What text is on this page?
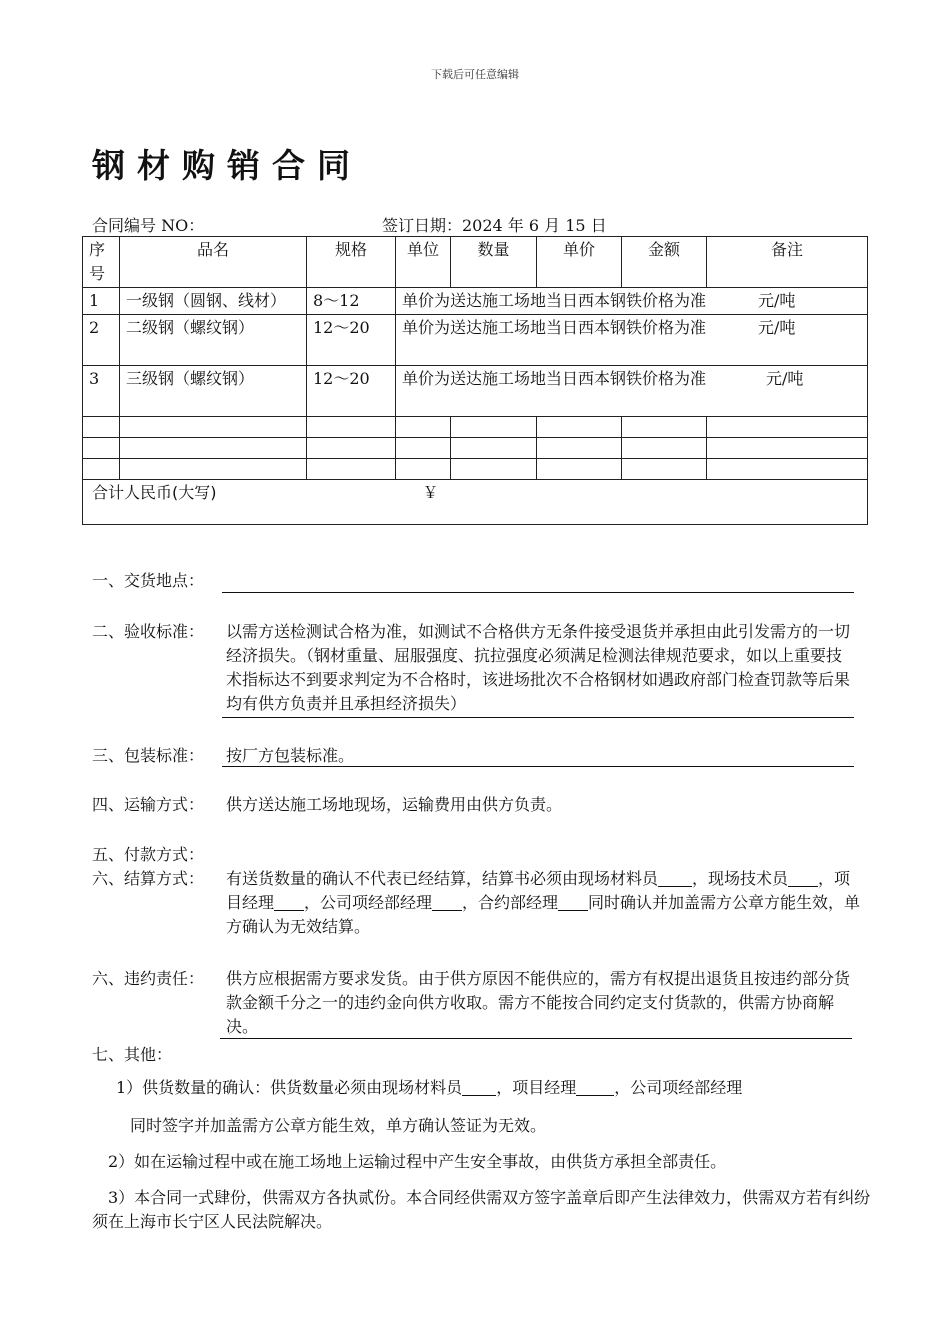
下载后可任意编辑
钢材购销合同
合同编号 NO：	签订日期：2024 年 6 月 15 日
序号	品名	规格	单位	数量	单价	金额	备注
1	一级钢（圆钢、线材）	8～12	单价为送达施工场地当日西本钢铁价格为准 元/吨				
2	二级钢（螺纹钢）	12～20	单价为送达施工场地当日西本钢铁价格为准 元/吨				
3	三级钢（螺纹钢）	12～20	单价为送达施工场地当日西本钢铁价格为准 元/吨				

合计人民币(大写) ￥							
一、交货地点：
二、验收标准： 以需方送检测试合格为准，如测试不合格供方无条件接受退货并承担由此引发需方的一切经济损失。（钢材重量、屈服强度、抗拉强度必须满足检测法律规范要求，如以上重要技术指标达不到要求判定为不合格时，该进场批次不合格钢材如遇政府部门检查罚款等后果均有供方负责并且承担经济损失）
三、包装标准： 按厂方包装标准。
四、运输方式： 供方送达施工场地现场，运输费用由供方负责。
五、付款方式：
六、结算方式： 有送货数量的确认不代表已经结算，结算书必须由现场材料员 ，现场技术员 ，项目经理 ，公司项经部经理 ，合约部经理 同时确认并加盖需方公章方能生效，单方确认为无效结算。
六、违约责任： 供方应根据需方要求发货。由于供方原因不能供应的，需方有权提出退货且按违约部分货款金额千分之一的违约金向供方收取。需方不能按合同约定支付货款的，供需方协商解决。
七、其他：
1）供货数量的确认：供货数量必须由现场材料员 ，项目经理 ，公司项经部经理
同时签字并加盖需方公章方能生效，单方确认签证为无效。
2）如在运输过程中或在施工场地上运输过程中产生安全事故，由供货方承担全部责任。
3）本合同一式肆份，供需双方各执贰份。本合同经供需双方签字盖章后即产生法律效力，供需双方若有纠纷须在上海市长宁区人民法院解决。
